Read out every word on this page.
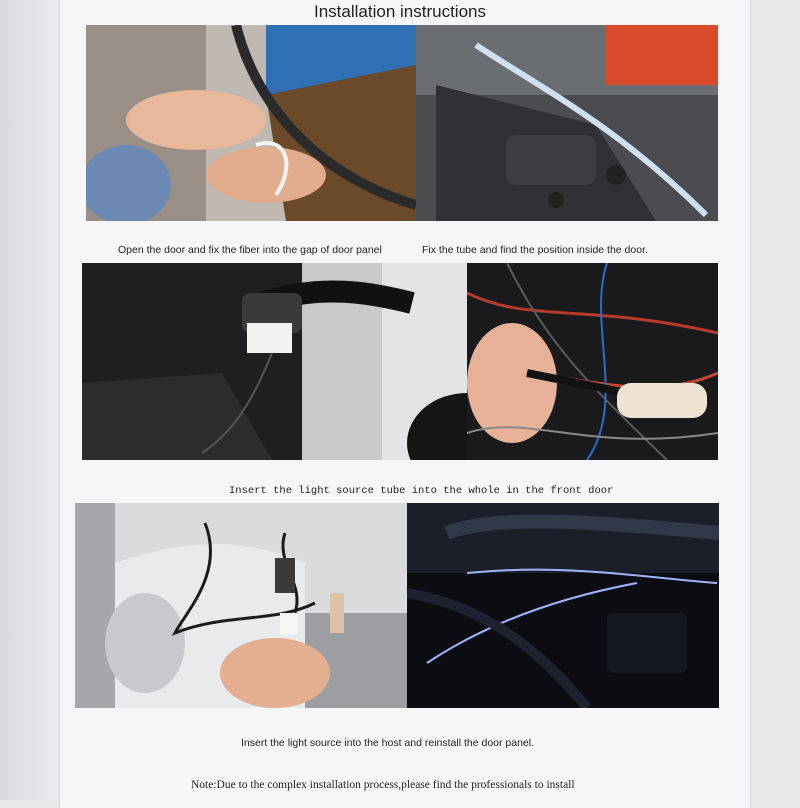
Installation instructions
Open the door and fix the fiber into the gap of door panel	Fix the tube and find the position inside the door.
Insert the light source tube into the whole in the front door
Insert the light source into the host and reinstall the door panel.
Note:Due to the complex installation process,please find the professionals to install
